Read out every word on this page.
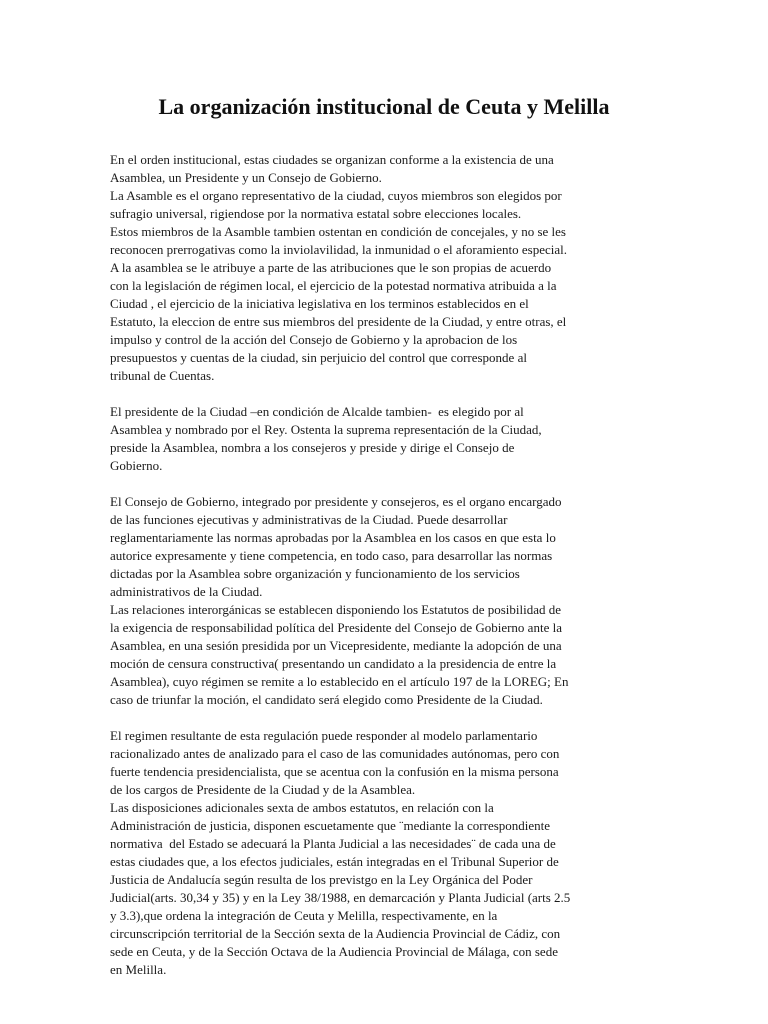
La organización institucional de Ceuta y Melilla

En el orden institucional, estas ciudades se organizan conforme a la existencia de una
Asamblea, un Presidente y un Consejo de Gobierno.

La Asamble es el organo representativo de la ciudad, cuyos miembros son elegidos por
sufragio universal, rigiendose por la normativa estatal sobre elecciones locales.

Estos miembros de la Asamble tambien ostentan en condición de concejales, y no se les
reconocen prerrogativas como la inviolavilidad, la inmunidad o el aforamiento especial.

A la asamblea se le atribuye a parte de las atribuciones que le son propias de acuerdo
con la legislación de régimen local, el ejercicio de la potestad normativa atribuida a la
Ciudad , el ejercicio de la iniciativa legislativa en los terminos establecidos en el
Estatuto, la eleccion de entre sus miembros del presidente de la Ciudad, y entre otras, el
impulso y control de la acción del Consejo de Gobierno y la aprobacion de los
presupuestos y cuentas de la ciudad, sin perjuicio del control que corresponde al
tribunal de Cuentas.

El presidente de la Ciudad –en condición de Alcalde tambien-  es elegido por al
Asamblea y nombrado por el Rey. Ostenta la suprema representación de la Ciudad,
preside la Asamblea, nombra a los consejeros y preside y dirige el Consejo de
Gobierno.

El Consejo de Gobierno, integrado por presidente y consejeros, es el organo encargado
de las funciones ejecutivas y administrativas de la Ciudad. Puede desarrollar
reglamentariamente las normas aprobadas por la Asamblea en los casos en que esta lo
autorice expresamente y tiene competencia, en todo caso, para desarrollar las normas
dictadas por la Asamblea sobre organización y funcionamiento de los servicios
administrativos de la Ciudad.

Las relaciones interorgánicas se establecen disponiendo los Estatutos de posibilidad de
la exigencia de responsabilidad política del Presidente del Consejo de Gobierno ante la
Asamblea, en una sesión presidida por un Vicepresidente, mediante la adopción de una
moción de censura constructiva( presentando un candidato a la presidencia de entre la
Asamblea), cuyo régimen se remite a lo establecido en el artículo 197 de la LOREG; En
caso de triunfar la moción, el candidato será elegido como Presidente de la Ciudad.

El regimen resultante de esta regulación puede responder al modelo parlamentario
racionalizado antes de analizado para el caso de las comunidades autónomas, pero con
fuerte tendencia presidencialista, que se acentua con la confusión en la misma persona
de los cargos de Presidente de la Ciudad y de la Asamblea.

Las disposiciones adicionales sexta de ambos estatutos, en relación con la
Administración de justicia, disponen escuetamente que ¨mediante la correspondiente
normativa  del Estado se adecuará la Planta Judicial a las necesidades¨ de cada una de
estas ciudades que, a los efectos judiciales, están integradas en el Tribunal Superior de
Justicia de Andalucía según resulta de los previstgo en la Ley Orgánica del Poder
Judicial(arts. 30,34 y 35) y en la Ley 38/1988, en demarcación y Planta Judicial (arts 2.5
y 3.3),que ordena la integración de Ceuta y Melilla, respectivamente, en la
circunscripción territorial de la Sección sexta de la Audiencia Provincial de Cádiz, con
sede en Ceuta, y de la Sección Octava de la Audiencia Provincial de Málaga, con sede
en Melilla.
